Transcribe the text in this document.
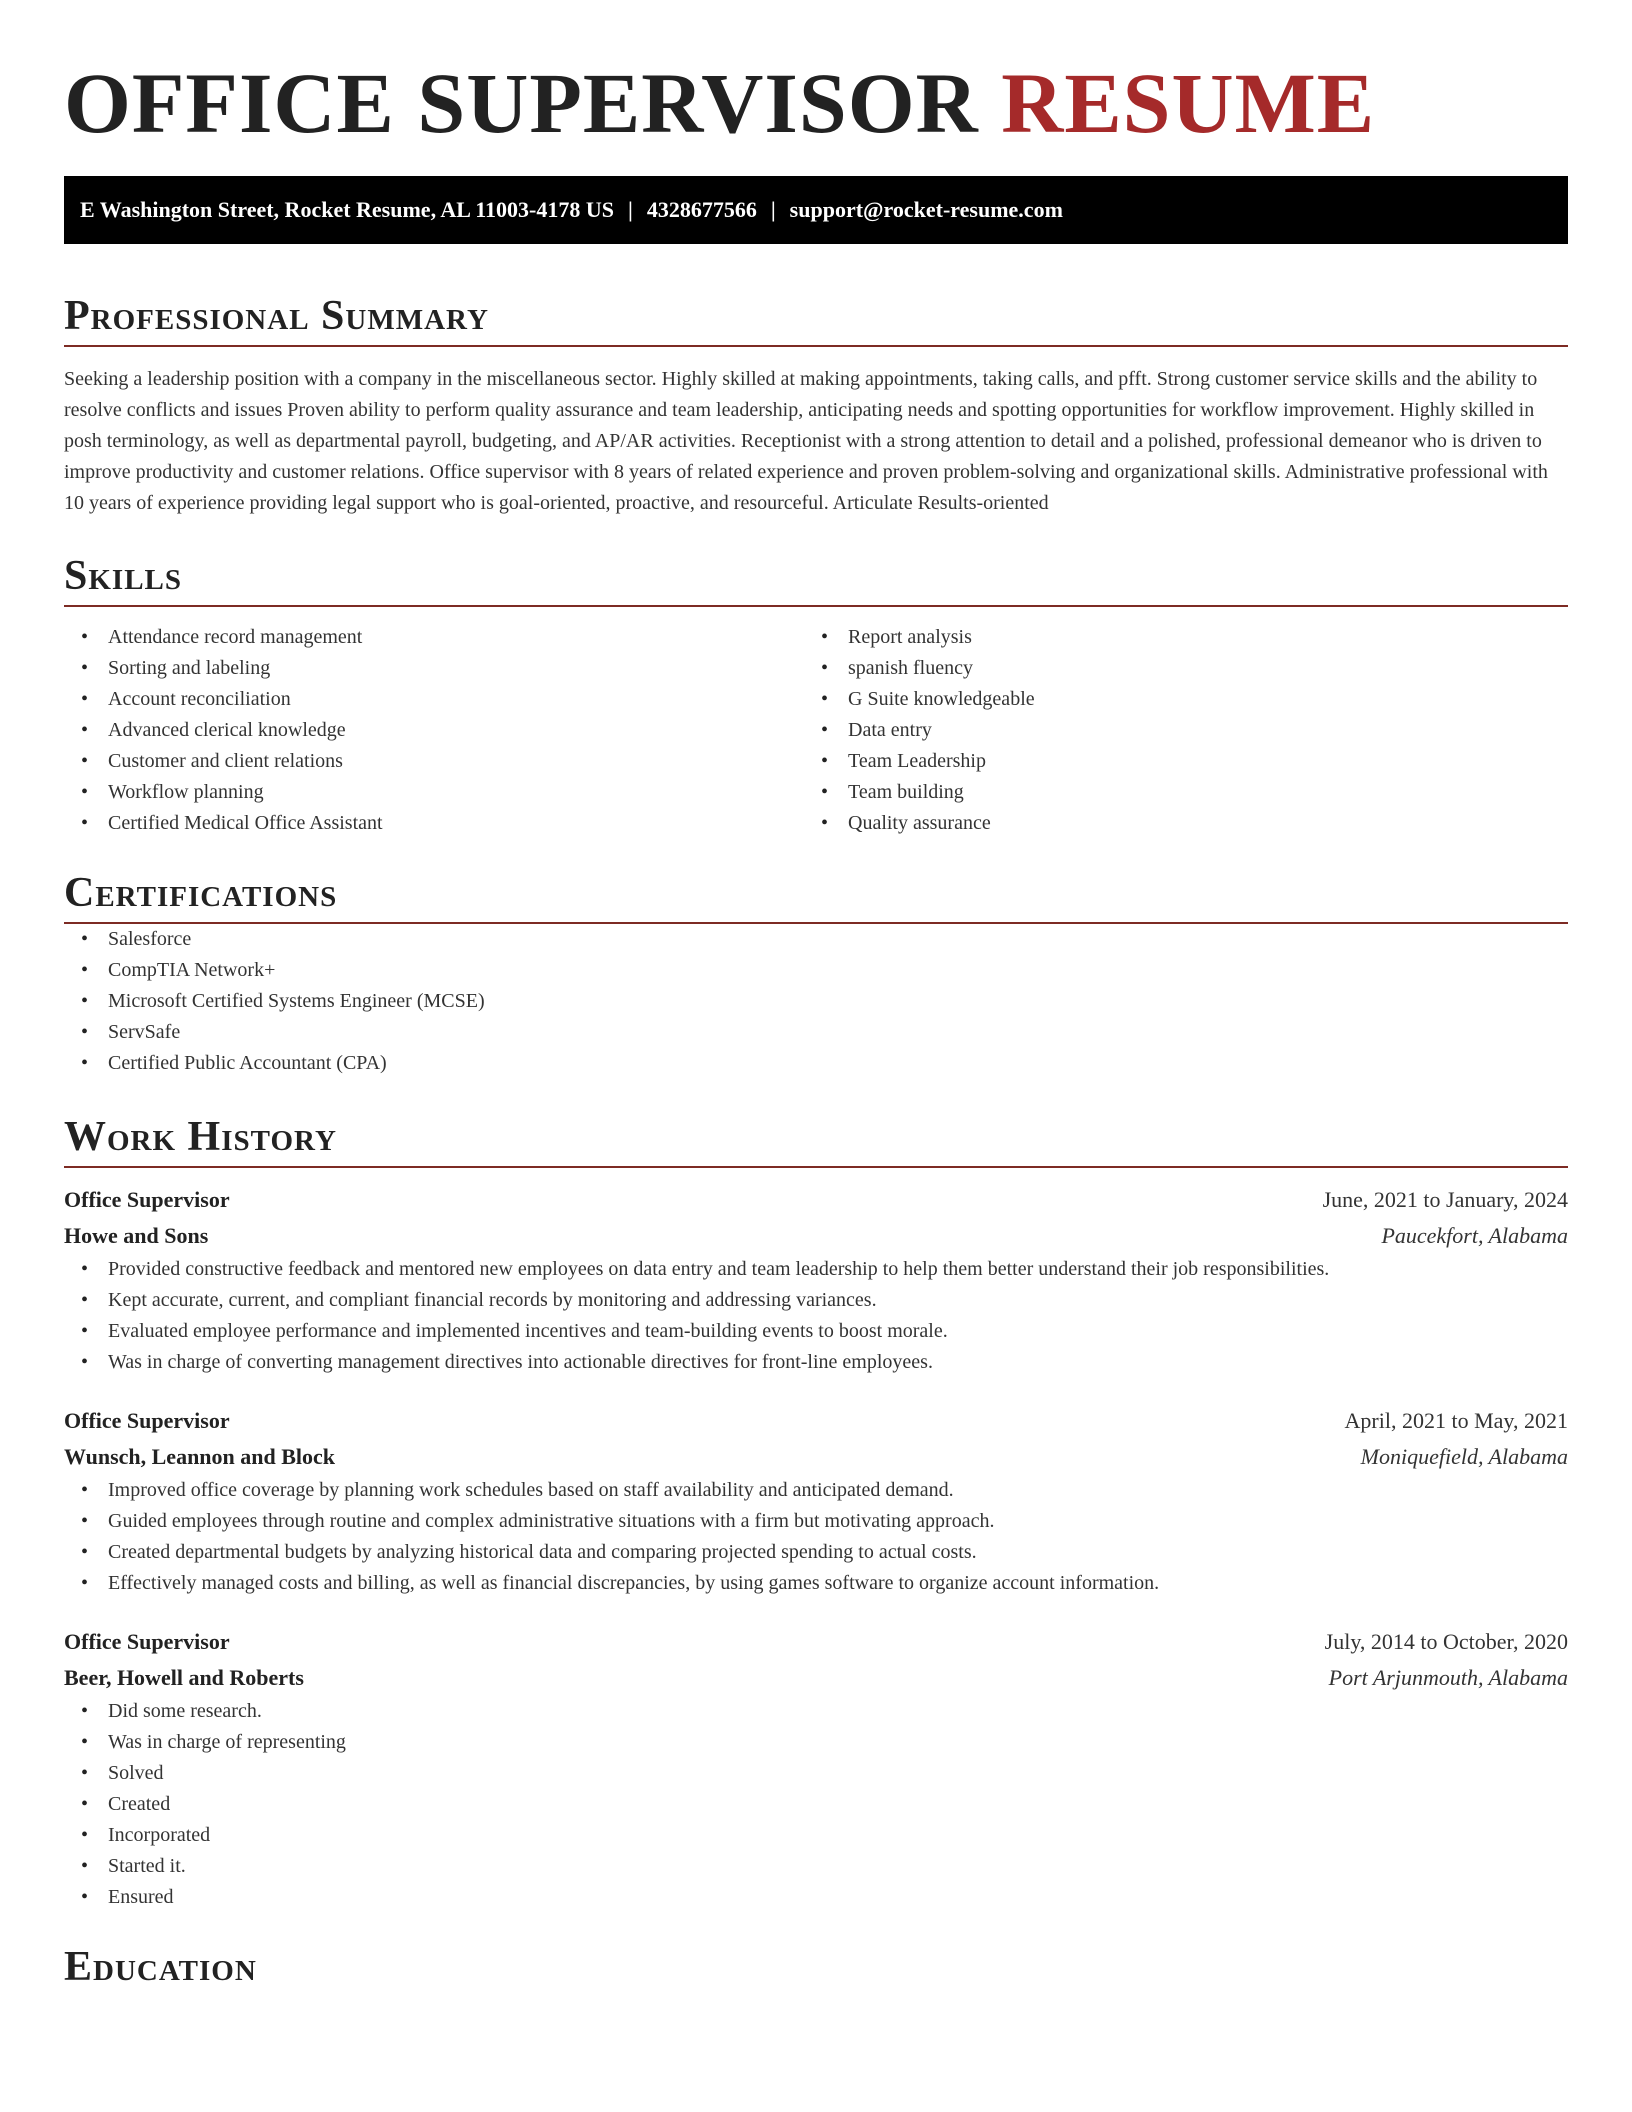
OFFICE SUPERVISOR RESUME
E Washington Street, Rocket Resume, AL 11003-4178 US | 4328677566 | support@rocket-resume.com
Professional Summary

Seeking a leadership position with a company in the miscellaneous sector. Highly skilled at making appointments, taking calls, and pfft. Strong customer service skills and the ability to resolve conflicts and issues Proven ability to perform quality assurance and team leadership, anticipating needs and spotting opportunities for workflow improvement. Highly skilled in posh terminology, as well as departmental payroll, budgeting, and AP/AR activities. Receptionist with a strong attention to detail and a polished, professional demeanor who is driven to improve productivity and customer relations. Office supervisor with 8 years of related experience and proven problem-solving and organizational skills. Administrative professional with 10 years of experience providing legal support who is goal-oriented, proactive, and resourceful. Articulate Results-oriented

Skills
• Attendance record management
• Sorting and labeling
• Account reconciliation
• Advanced clerical knowledge
• Customer and client relations
• Workflow planning
• Certified Medical Office Assistant
• Report analysis
• spanish fluency
• G Suite knowledgeable
• Data entry
• Team Leadership
• Team building
• Quality assurance
Certifications
• Salesforce
• CompTIA Network+
• Microsoft Certified Systems Engineer (MCSE)
• ServSafe
• Certified Public Accountant (CPA)
Work History
Office Supervisor	June, 2021 to January, 2024
Howe and Sons	Paucekfort, Alabama
• Provided constructive feedback and mentored new employees on data entry and team leadership to help them better understand their job responsibilities.
• Kept accurate, current, and compliant financial records by monitoring and addressing variances.
• Evaluated employee performance and implemented incentives and team-building events to boost morale.
• Was in charge of converting management directives into actionable directives for front-line employees.
Office Supervisor	April, 2021 to May, 2021
Wunsch, Leannon and Block	Moniquefield, Alabama
• Improved office coverage by planning work schedules based on staff availability and anticipated demand.
• Guided employees through routine and complex administrative situations with a firm but motivating approach.
• Created departmental budgets by analyzing historical data and comparing projected spending to actual costs.
• Effectively managed costs and billing, as well as financial discrepancies, by using games software to organize account information.
Office Supervisor	July, 2014 to October, 2020
Beer, Howell and Roberts	Port Arjunmouth, Alabama
• Did some research.
• Was in charge of representing
• Solved
• Created
• Incorporated
• Started it.
• Ensured
Education
